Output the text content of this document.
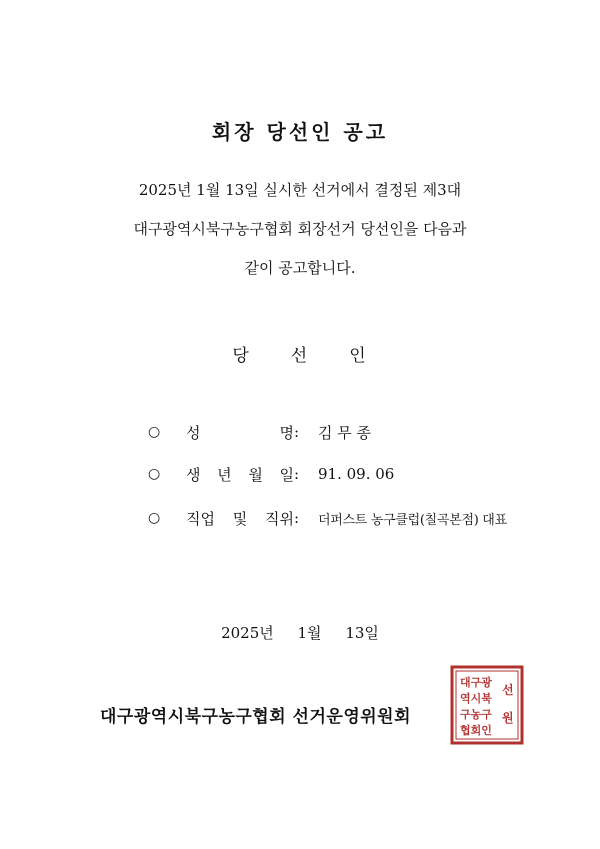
회장 당선인 공고
2025년 1월 13일 실시한 선거에서 결정된 제3대
대구광역시북구농구협회 회장선거 당선인을 다음과
같이 공고합니다.
당 선 인
○	성	명 :	김 무 종
○	생 년 월 일 :	91. 09. 06
○	직업 및 직위 :	더퍼스트 농구클럽(칠곡본점) 대표
2025년 1월 13일
대구광역시북구농구협회 선거운영위원회
대구광
역시북
구농구
협회인
선
원
